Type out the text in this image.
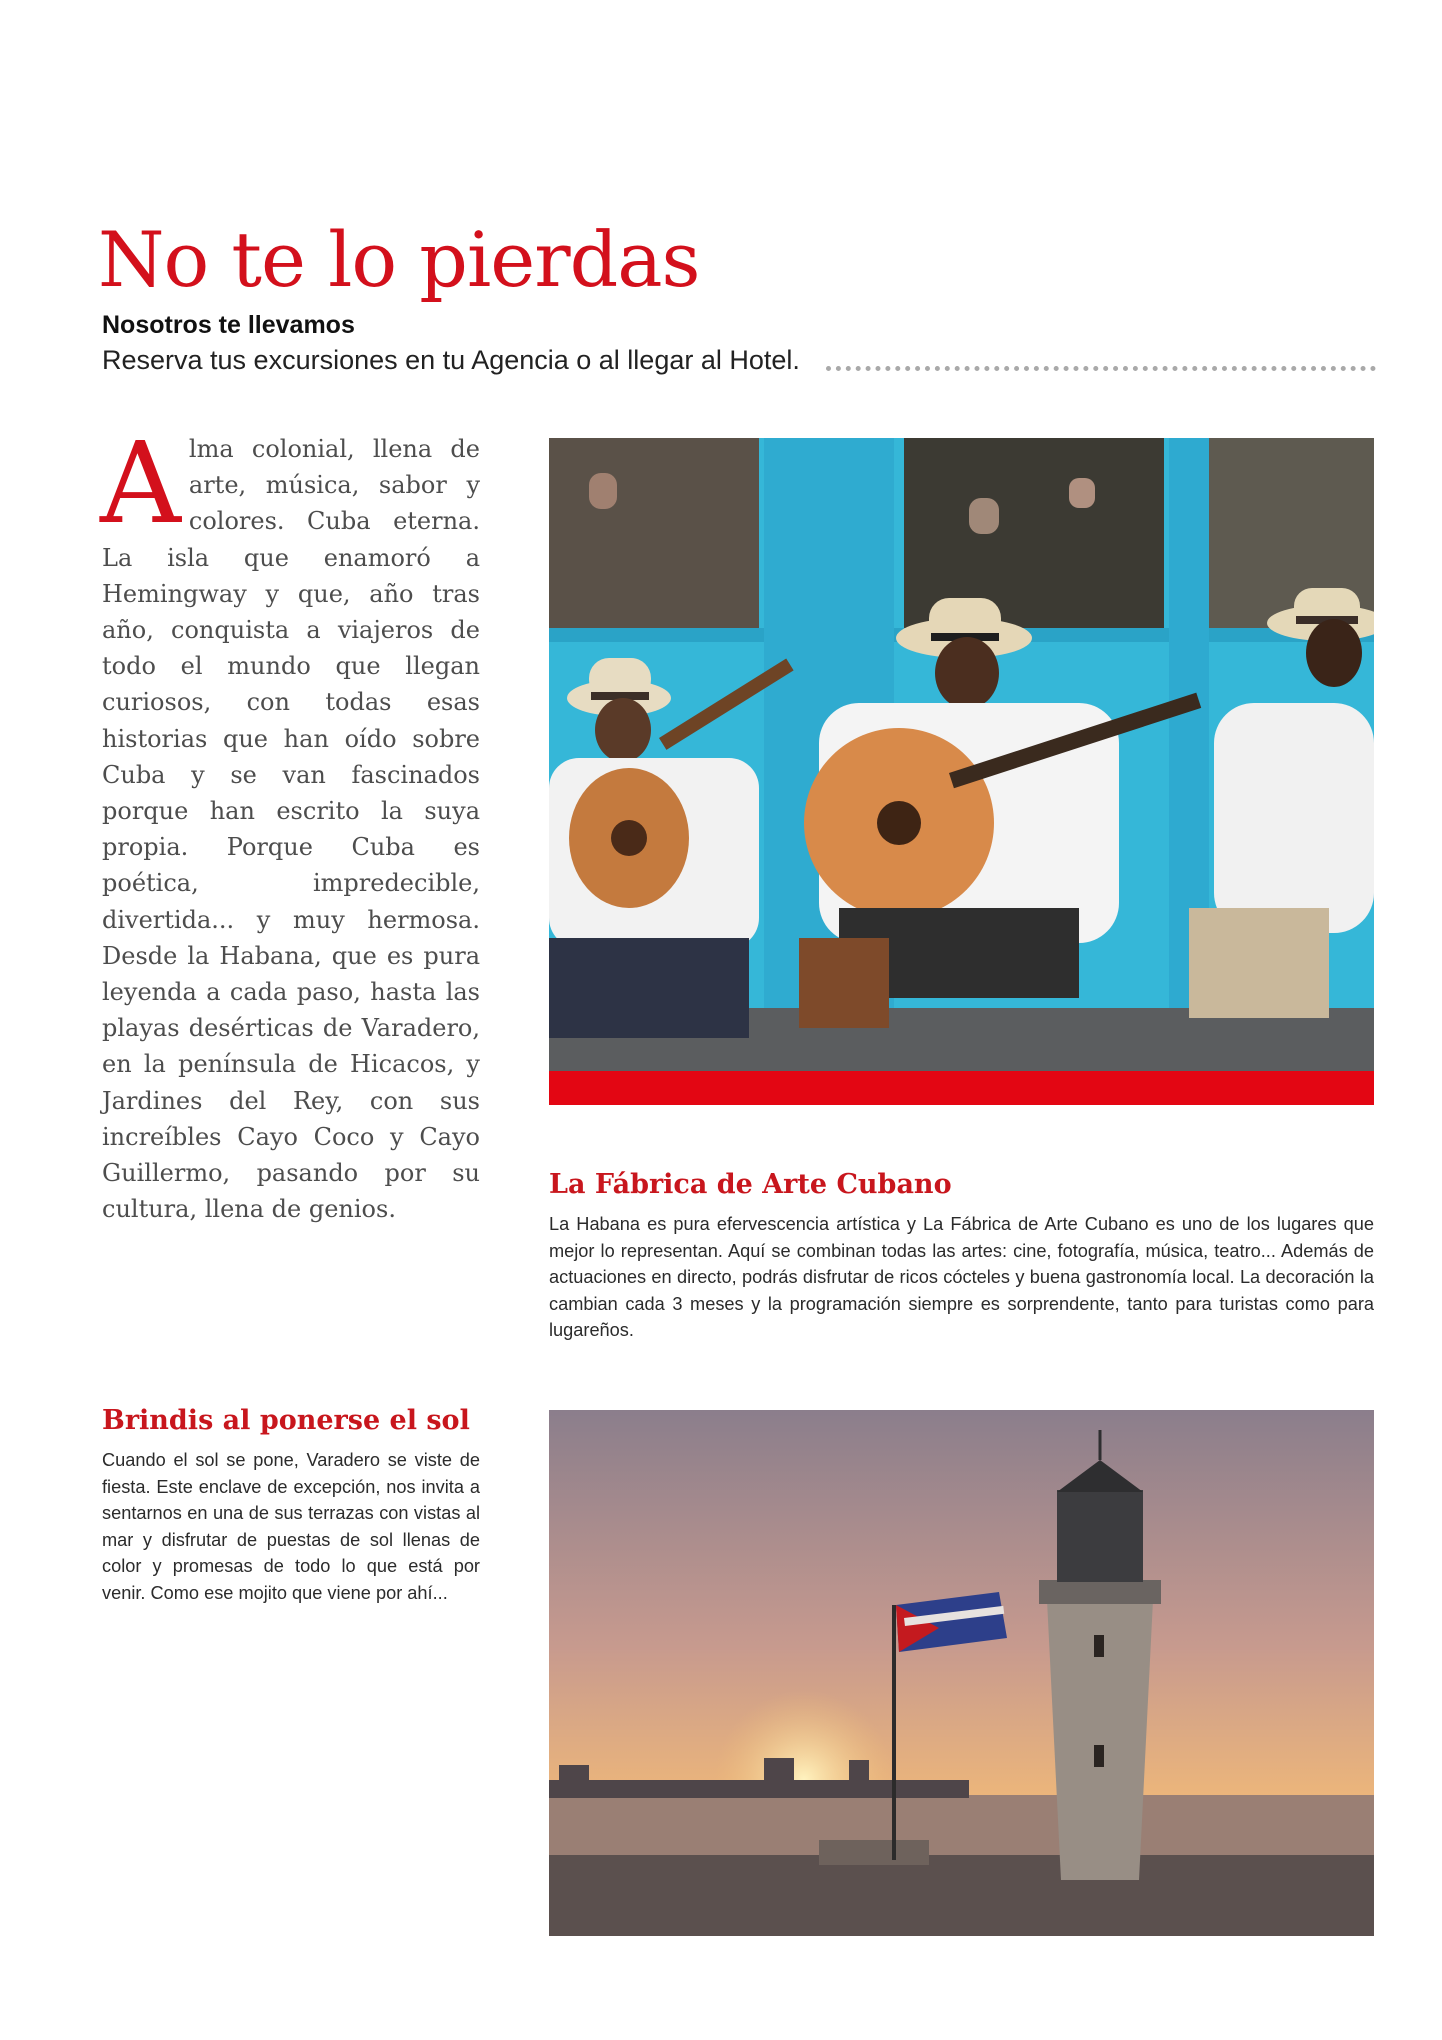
No te lo pierdas
Nosotros te llevamos
Reserva tus excursiones en tu Agencia o al llegar al Hotel.

Alma colonial, llena de arte, música, sabor y colores. Cuba eterna. La isla que enamoró a Hemingway y que, año tras año, conquista a viajeros de todo el mundo que llegan curiosos, con todas esas historias que han oído sobre Cuba y se van fascinados porque han escrito la suya propia. Porque Cuba es poética, impredecible, divertida... y muy hermosa. Desde la Habana, que es pura leyenda a cada paso, hasta las playas desérticas de Varadero, en la península de Hicacos, y Jardines del Rey, con sus increíbles Cayo Coco y Cayo Guillermo, pasando por su cultura, llena de genios.

La Fábrica de Arte Cubano

La Habana es pura efervescencia artística y La Fábrica de Arte Cubano es uno de los lugares que mejor lo representan. Aquí se combinan todas las artes: cine, fotografía, música, teatro... Además de actuaciones en directo, podrás disfrutar de ricos cócteles y buena gastronomía local. La decoración la cambian cada 3 meses y la programación siempre es sorprendente, tanto para turistas como para lugareños.

Brindis al ponerse el sol

Cuando el sol se pone, Varadero se viste de fiesta. Este enclave de excepción, nos invita a sentarnos en una de sus terrazas con vistas al mar y disfrutar de puestas de sol llenas de color y promesas de todo lo que está por venir. Como ese mojito que viene por ahí...
